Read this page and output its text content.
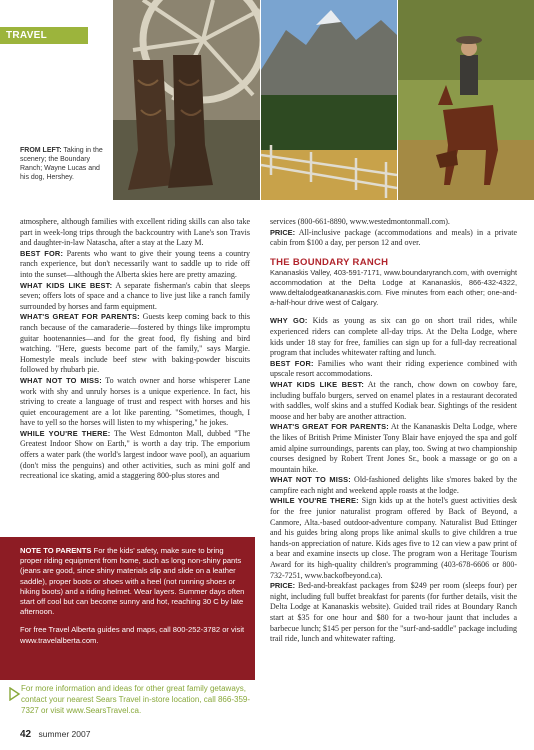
TRAVEL
FROM LEFT: Taking in the scenery; the Boundary Ranch; Wayne Lucas and his dog, Hershey.

atmosphere, although families with excellent riding skills can also take part in week-long trips through the backcountry with Lane's son Travis and daughter-in-law Natascha, after a stay at the Lazy M.

BEST FOR: Parents who want to give their young teens a country ranch experience, but don't necessarily want to saddle up to ride off into the sunset—although the Alberta skies here are pretty amazing.

WHAT KIDS LIKE BEST: A separate fisherman's cabin that sleeps seven; offers lots of space and a chance to live just like a ranch family surrounded by horses and farm equipment.

WHAT'S GREAT FOR PARENTS: Guests keep coming back to this ranch because of the camaraderie—fostered by things like impromptu guitar hootenannies—and for the great food, fly fishing and bird watching. "Here, guests become part of the family," says Margie. Homestyle meals include beef stew with baking-powder biscuits followed by rhubarb pie.

WHAT NOT TO MISS: To watch owner and horse whisperer Lane work with shy and unruly horses is a unique experience. In fact, his striving to create a language of trust and respect with horses and his quiet encouragement are a lot like parenting. "Sometimes, though, I have to yell so the horses will listen to my whispering," he jokes.

WHILE YOU'RE THERE: The West Edmonton Mall, dubbed "The Greatest Indoor Show on Earth," is worth a day trip. The emporium offers a water park (the world's largest indoor wave pool), an aquarium (don't miss the penguins) and other activities, such as mini golf and recreational ice skating, amid a staggering 800-plus stores and

services (800-661-8890, www.westedmontonmall.com).

PRICE: All-inclusive package (accommodations and meals) in a private cabin from $100 a day, per person 12 and over.

THE BOUNDARY RANCH
Kananaskis Valley, 403-591-7171, www.boundaryranch.com, with overnight accommodation at the Delta Lodge at Kananaskis, 866-432-4322, www.deltalodgeatkananaskis.com. Five minutes from each other; one-and-a-half-hour drive west of Calgary.

WHY GO: Kids as young as six can go on short trail rides, while experienced riders can complete all-day trips. At the Delta Lodge, where kids under 18 stay for free, families can sign up for a full-day recreational program that includes whitewater rafting and lunch.

BEST FOR: Families who want their riding experience combined with upscale resort accommodations.

WHAT KIDS LIKE BEST: At the ranch, chow down on cowboy fare, including buffalo burgers, served on enamel plates in a restaurant decorated with saddles, wolf skins and a stuffed Kodiak bear. Sightings of the resident moose and her baby are another attraction.

WHAT'S GREAT FOR PARENTS: At the Kananaskis Delta Lodge, where the likes of British Prime Minister Tony Blair have enjoyed the spa and golf amid alpine surroundings, parents can play, too. Swing at two championship courses designed by Robert Trent Jones Sr., book a massage or go on a mountain hike.

WHAT NOT TO MISS: Old-fashioned delights like s'mores baked by the campfire each night and weekend apple roasts at the lodge.

WHILE YOU'RE THERE: Sign kids up at the hotel's guest activities desk for the free junior naturalist program offered by Back of Beyond, a Canmore, Alta.-based outdoor-adventure company. Naturalist Bud Ettinger and his guides bring along props like animal skulls to give children a true hands-on appreciation of nature. Kids ages five to 12 can view a paw print of a bear and examine insects up close. The program won a Heritage Tourism Award for its high-quality children's programming (403-678-6606 or 800-732-7251, www.backofbeyond.ca).

PRICE: Bed-and-breakfast packages from $249 per room (sleeps four) per night, including full buffet breakfast for parents (for further details, visit the Delta Lodge at Kananaskis website). Guided trail rides at Boundary Ranch start at $35 for one hour and $80 for a two-hour jaunt that includes a barbecue lunch; $145 per person for the "surf-and-saddle" package including trail ride, lunch and whitewater rafting.

NOTE TO PARENTS For the kids' safety, make sure to bring proper riding equipment from home, such as long non-shiny pants (jeans are good, since shiny materials slip and slide on a leather saddle), proper boots or shoes with a heel (not running shoes or hiking boots) and a riding helmet. Wear layers. Summer days often start off cool but can become sunny and hot, reaching 30 C by late afternoon.

For free Travel Alberta guides and maps, call 800-252-3782 or visit www.travelalberta.com.

For more information and ideas for other great family getaways, contact your nearest Sears Travel in-store location, call 866-359-7327 or visit www.SearsTravel.ca.
42 summer 2007
